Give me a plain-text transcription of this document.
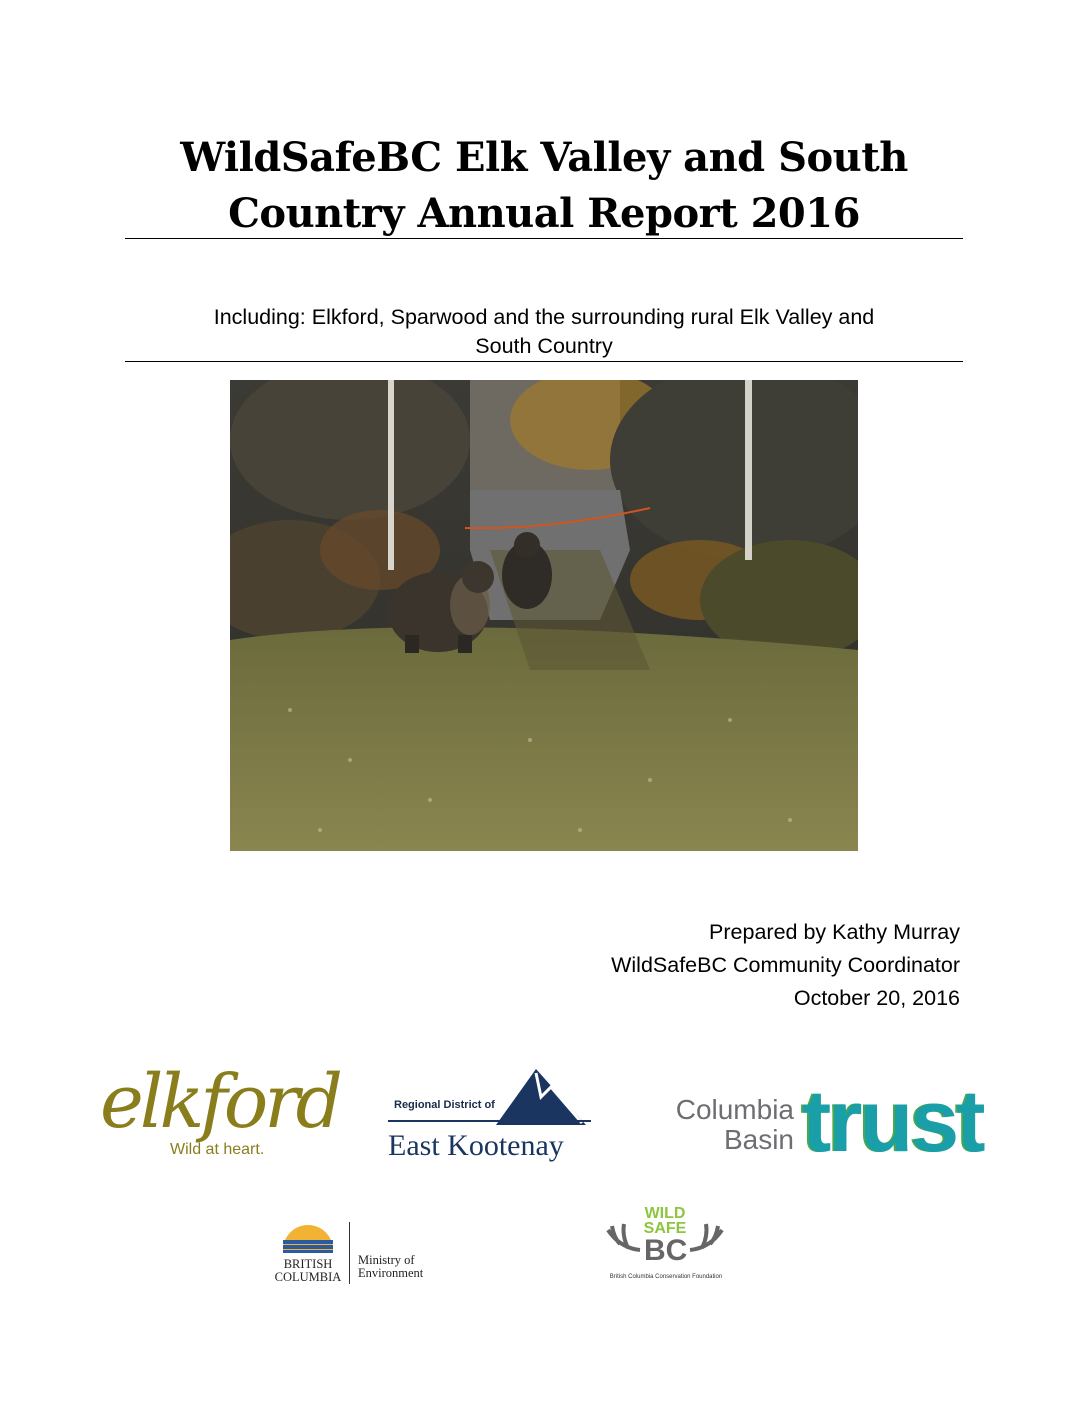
WildSafeBC Elk Valley and South
Country Annual Report 2016
Including: Elkford, Sparwood and the surrounding rural Elk Valley and
South Country
Prepared by Kathy Murray
WildSafeBC Community Coordinator
October 20, 2016
elkford
Wild at heart.
Regional District of
East Kootenay
Columbia
Basin trust
BRITISH
COLUMBIA
Ministry of
Environment
WILD
SAFE
BC
British Columbia Conservation Foundation
